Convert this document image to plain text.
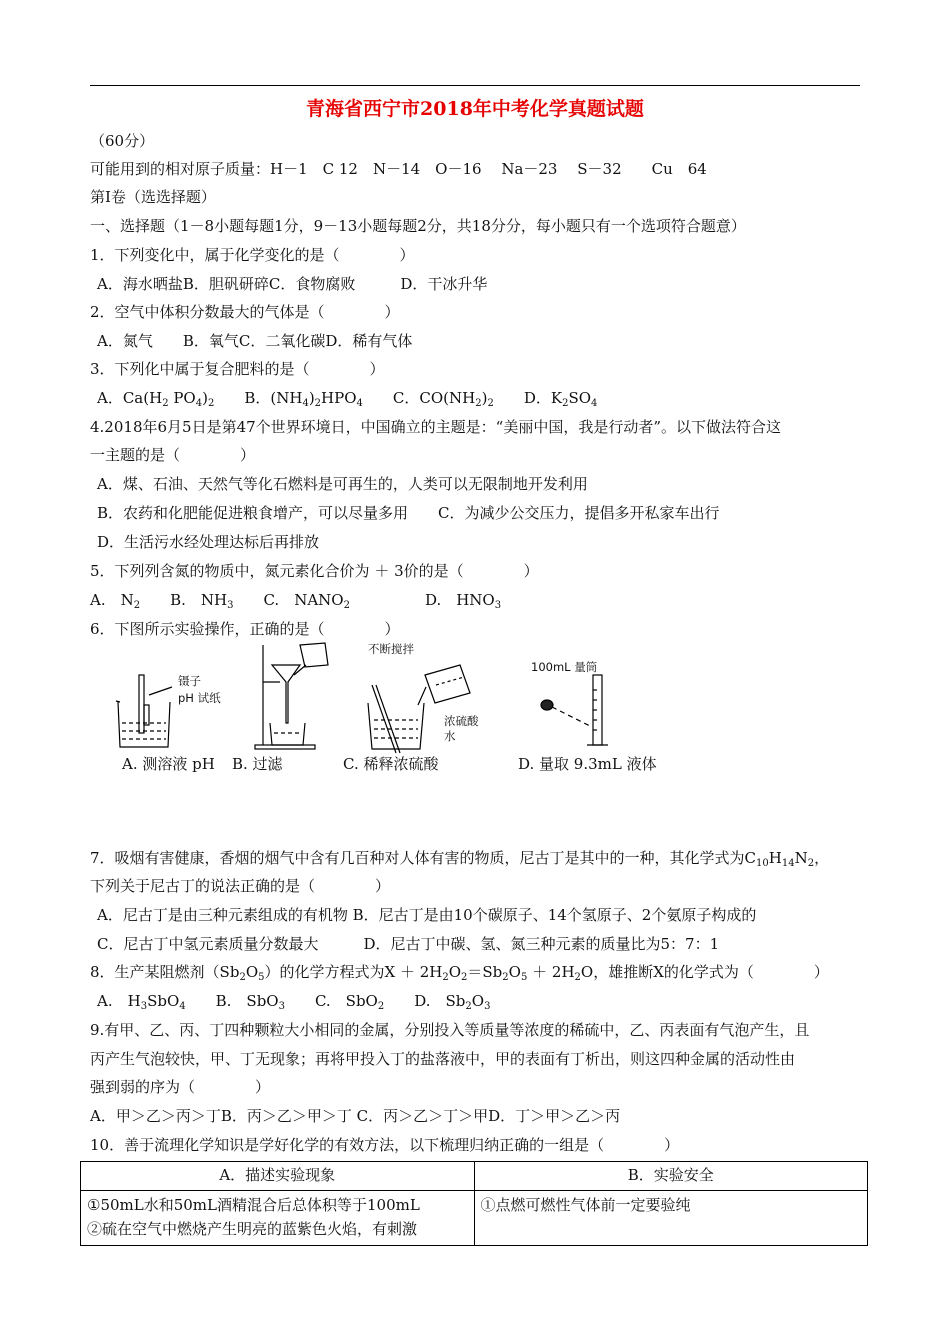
青海省西宁市2018年中考化学真题试题
（60分）
可能用到的相对原子质量：H－1　C 12　N－14　O－16　 Na－23　 S－32　　Cu　64
第Ⅰ卷（选选择题）
一、选择题（1－8小题每题1分，9－13小题每题2分，共18分分，每小题只有一个选项符合题意）
1．下列变化中，属于化学变化的是（　　　　）
A．海水晒盐B．胆矾研碎C．食物腐败　　　D．干冰升华
2．空气中体积分数最大的气体是（　　　　）
A．氮气　　B．氧气C．二氧化碳D．稀有气体
3．下列化中属于复合肥料的是（　　　　）
A．$Ca(H_2$ $PO_4)_2$　　B．$(NH_4)_2HPO_4$　　C．$CO(NH_2)_2$　　D．$K_2SO_4$
4.2018年6月5日是第47个世界环境日，中国确立的主题是：“美丽中国，我是行动者”。以下做法符合这
一主题的是（　　　　）
A．煤、石油、天然气等化石燃料是可再生的，人类可以无限制地开发利用
B．农药和化肥能促进粮食增产，可以尽量多用　　C．为减少公交压力，提倡多开私家车出行
D．生活污水经处理达标后再排放
5．下列列含氮的物质中，氮元素化合价为 ＋ 3价的是（　　　　）
A.　$N_2$　　B.　$NH_3$　　C.　$NANO_2$　　　　　D.　$HNO_3$
6．下图所示实验操作，正确的是（　　　　）
镊子
pH 试纸
不断搅拌
浓硫酸
水
100mL 量筒
A. 测溶液 pH B. 过滤	C. 稀释浓硫酸	D. 量取 9.3mL 液体
7．吸烟有害健康，香烟的烟气中含有几百种对人体有害的物质，尼古丁是其中的一种，其化学式为$C_{10}H_{14}N_2$，
下列关于尼古丁的说法正确的是（　　　　）
A．尼古丁是由三种元素组成的有机物 B．尼古丁是由10个碳原子、14个氢原子、2个氨原子构成的
C．尼古丁中氢元素质量分数最大　　　D．尼古丁中碳、氢、氮三种元素的质量比为5：7：1
8．生产某阻燃剂$(Sb_2O_5)$的化学方程式为$X + 2H_2O_2=Sb_2O_5 + 2H_2O$，雄推断X的化学式为（　　　　）
A.　$H_3SbO_4$　　B.　SbO$_3$　　C.　SbO$_2$　　D.　$Sb_2O_3$
9.有甲、乙、丙、丁四种颗粒大小相同的金属，分别投入等质量等浓度的稀硫中，乙、丙表面有气泡产生，且
丙产生气泡较快，甲、丁无现象；再将甲投入丁的盐落液中，甲的表面有丁析出，则这四种金属的活动性由
强到弱的序为（　　　　）
A．甲＞乙＞丙＞丁B．丙＞乙＞甲＞丁 C．丙＞乙＞丁＞甲D．丁＞甲＞乙＞丙
10．善于流理化学知识是学好化学的有效方法，以下梳理归纳正确的一组是（　　　　）
A．描述实验现象	B．实验安全

①50mL水和50mL酒精混合后总体积等于100mL
②硫在空气中燃烧产生明亮的蓝紫色火焰，有刺激	①点燃可燃性气体前一定要验纯
